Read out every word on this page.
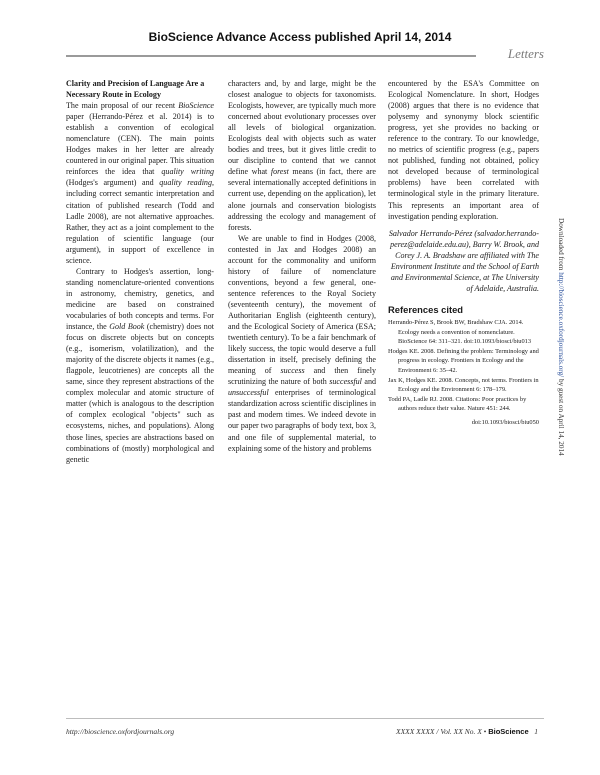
BioScience Advance Access published April 14, 2014
Letters

Clarity and Precision of Language Are a Necessary Route in Ecology

The main proposal of our recent BioScience paper (Herrando-Pérez et al. 2014) is to establish a convention of ecological nomenclature (CEN). The main points Hodges makes in her letter are already countered in our original paper. This situation reinforces the idea that quality writing (Hodges's argument) and quality reading, including correct semantic interpretation and citation of published research (Todd and Ladle 2008), are not alternative approaches. Rather, they act as a joint complement to the regulation of scientific language (our argument), in support of excellence in science.

Contrary to Hodges's assertion, long-standing nomenclature-oriented conventions in astronomy, chemistry, genetics, and medicine are based on constrained vocabularies of both concepts and terms. For instance, the Gold Book (chemistry) does not focus on discrete objects but on concepts (e.g., isomerism, volatilization), and the majority of the discrete objects it names (e.g., flagpole, leucotrienes) are concepts all the same, since they represent abstractions of the complex molecular and atomic structure of matter (which is analogous to the description of complex ecological "objects" such as ecosystems, niches, and populations). Along those lines, species are abstractions based on combinations of (mostly) morphological and genetic

characters and, by and large, might be the closest analogue to objects for taxonomists. Ecologists, however, are typically much more concerned about evolutionary processes over all levels of biological organization. Ecologists deal with objects such as water bodies and trees, but it gives little credit to our discipline to contend that we cannot define what forest means (in fact, there are several internationally accepted definitions in current use, depending on the application), let alone journals and conservation biologists addressing the ecology and management of forests.

We are unable to find in Hodges (2008, contested in Jax and Hodges 2008) an account for the commonality and uniform history of failure of nomenclature conventions, beyond a few general, one-sentence references to the Royal Society (seventeenth century), the movement of Authoritarian English (eighteenth century), and the Ecological Society of America (ESA; twentieth century). To be a fair benchmark of likely success, the topic would deserve a full dissertation in itself, precisely defining the meaning of success and then finely scrutinizing the nature of both successful and unsuccessful enterprises of terminological standardization across scientific disciplines in past and modern times. We indeed devote in our paper two paragraphs of body text, box 3, and one file of supplemental material, to explaining some of the history and problems

encountered by the ESA's Committee on Ecological Nomenclature. In short, Hodges (2008) argues that there is no evidence that polysemy and synonymy block scientific progress, yet she provides no backing or reference to the contrary. To our knowledge, no metrics of scientific progress (e.g., papers not published, funding not obtained, policy not developed because of terminological problems) have been correlated with terminological style in the primary literature. This represents an important area of investigation pending exploration.

Salvador Herrando-Pérez (salvador.herrando-perez@adelaide.edu.au), Barry W. Brook, and Corey J. A. Bradshaw are affiliated with The Environment Institute and the School of Earth and Environmental Science, at The University of Adelaide, Australia.

References cited
Herrando-Pérez S, Brook BW, Bradshaw CJA. 2014. Ecology needs a convention of nomenclature. BioScience 64: 311–321. doi:10.1093/biosci/biu013
Hodges KE. 2008. Defining the problem: Terminology and progress in ecology. Frontiers in Ecology and the Environment 6: 35–42.
Jax K, Hodges KE. 2008. Concepts, not terms. Frontiers in Ecology and the Environment 6: 178–179.
Todd PA, Ladle RJ. 2008. Citations: Poor practices by authors reduce their value. Nature 451: 244.

doi:10.1093/biosci/biu050

Downloaded from http://bioscience.oxfordjournals.org/ by guest on April 14, 2014
http://bioscience.oxfordjournals.org	XXXX XXXX / Vol. XX No. X • BioScience 1
